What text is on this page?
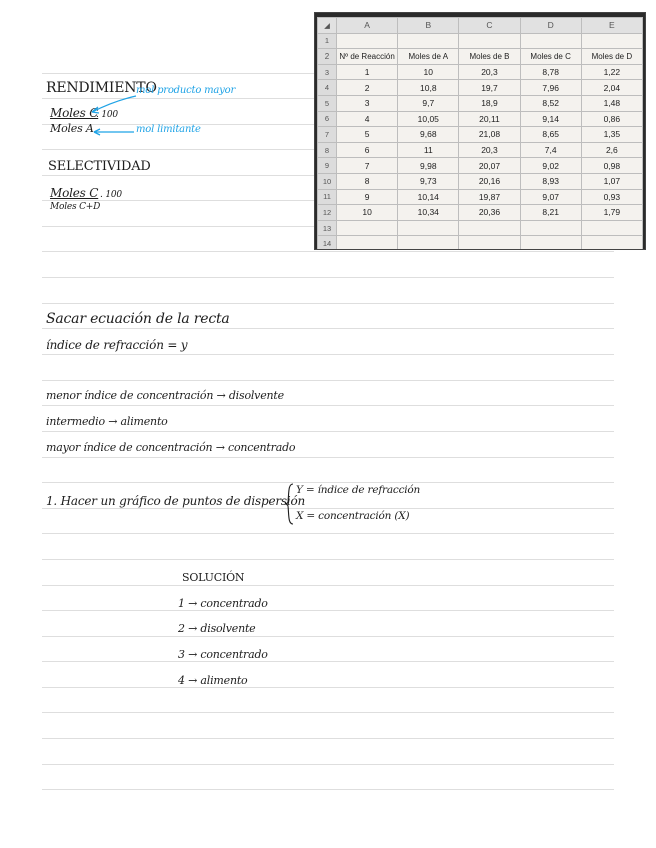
RENDIMIENTO
Moles C
. 100
Moles A
mol producto mayor
mol limitante
SELECTIVIDAD
Moles C . 100
Moles C+D
◢	A	B	C	D	E
1					
2	Nº de Reacción	Moles de A	Moles de B	Moles de C	Moles de D
3	1	10	20,3	8,78	1,22
4	2	10,8	19,7	7,96	2,04
5	3	9,7	18,9	8,52	1,48
6	4	10,05	20,11	9,14	0,86
7	5	9,68	21,08	8,65	1,35
8	6	11	20,3	7,4	2,6
9	7	9,98	20,07	9,02	0,98
10	8	9,73	20,16	8,93	1,07
11	9	10,14	19,87	9,07	0,93
12	10	10,34	20,36	8,21	1,79
13					
14					
Sacar ecuación de la recta
índice de refracción = y
menor índice de concentración → disolvente
intermedio → alimento
mayor índice de concentración → concentrado
1. Hacer un gráfico de puntos de dispersión
Y = índice de refracción
X = concentración (X)
SOLUCIÓN
1 → concentrado
2 → disolvente
3 → concentrado
4 → alimento
